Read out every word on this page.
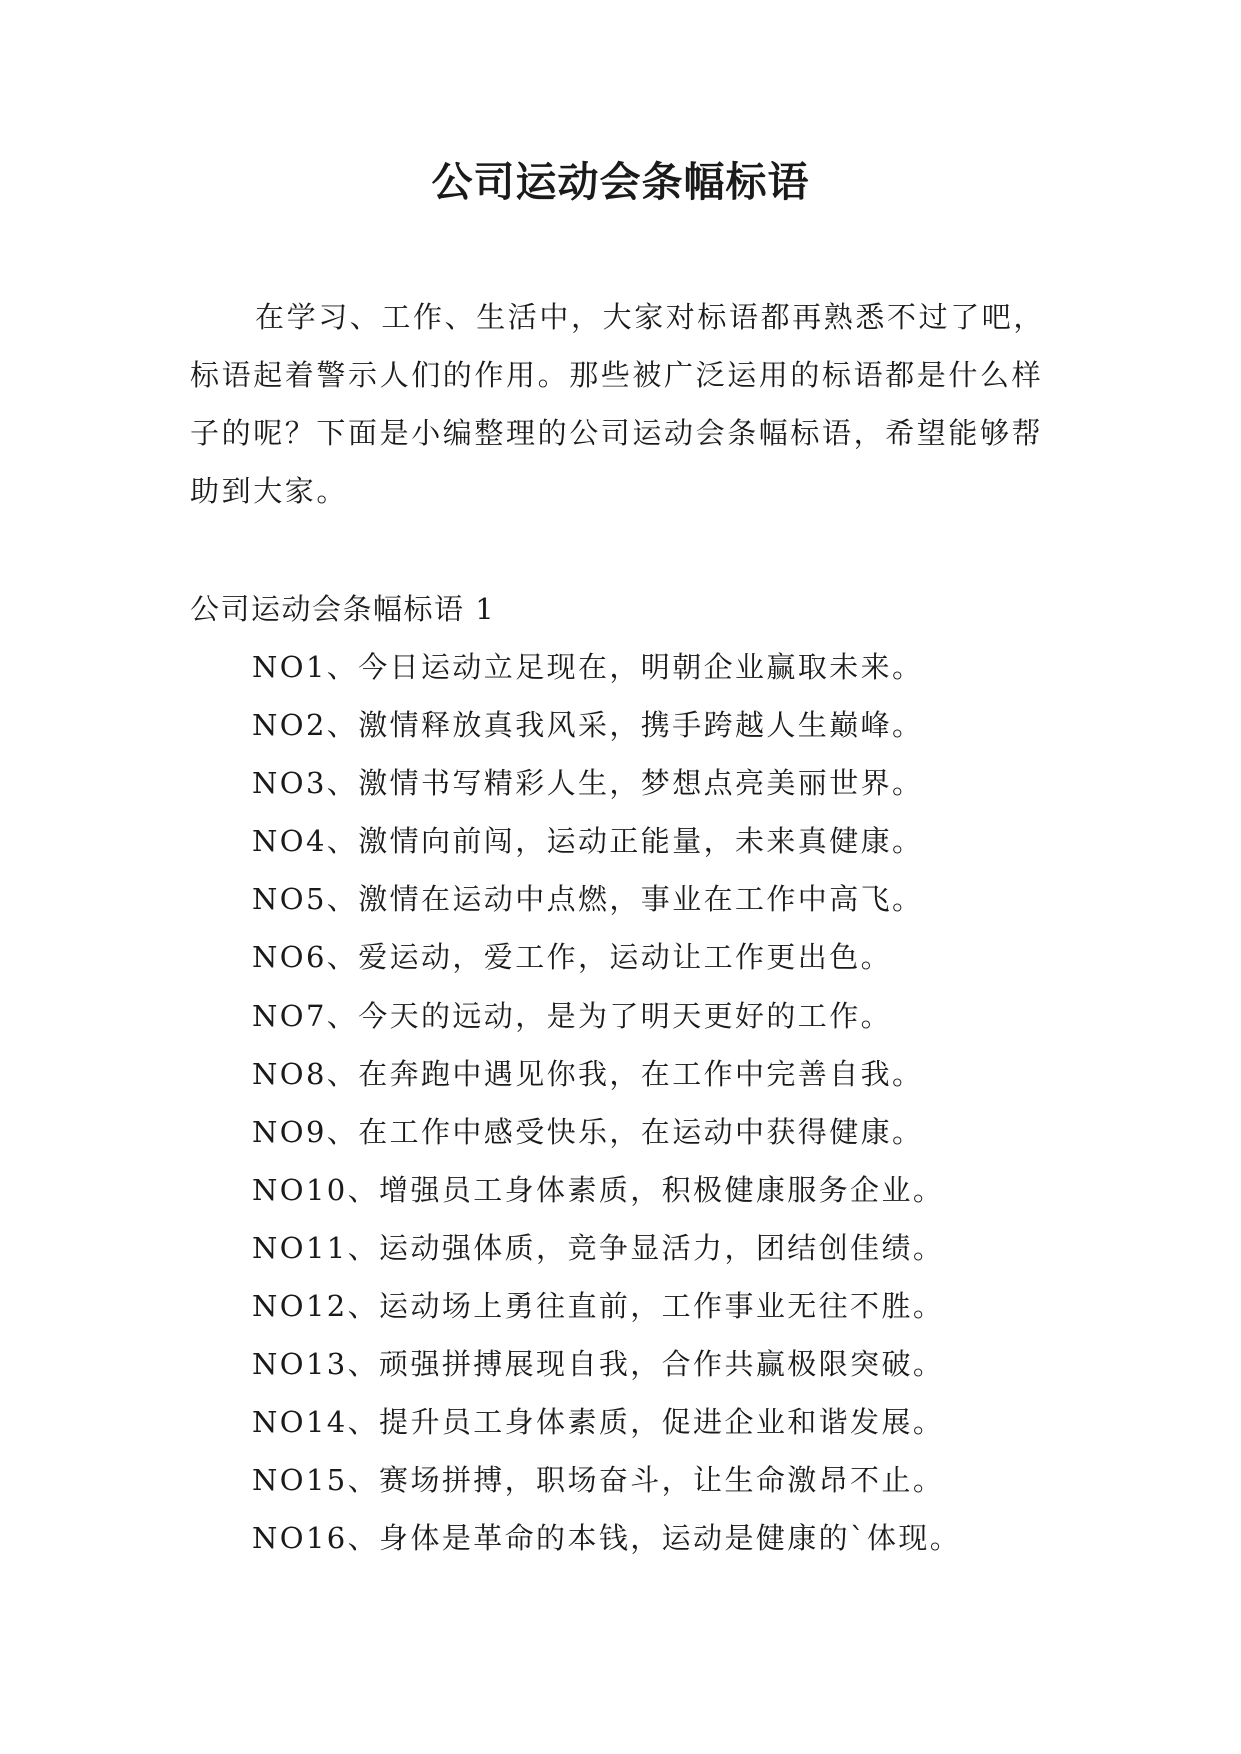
公司运动会条幅标语

在学习、工作、生活中，大家对标语都再熟悉不过了吧，标语起着警示人们的作用。那些被广泛运用的标语都是什么样子的呢？下面是小编整理的公司运动会条幅标语，希望能够帮助到大家。

公司运动会条幅标语 1

NO1、今日运动立足现在，明朝企业赢取未来。
NO2、激情释放真我风采，携手跨越人生巅峰。
NO3、激情书写精彩人生，梦想点亮美丽世界。
NO4、激情向前闯，运动正能量，未来真健康。
NO5、激情在运动中点燃，事业在工作中高飞。
NO6、爱运动，爱工作，运动让工作更出色。
NO7、今天的远动，是为了明天更好的工作。
NO8、在奔跑中遇见你我，在工作中完善自我。
NO9、在工作中感受快乐，在运动中获得健康。
NO10、增强员工身体素质，积极健康服务企业。
NO11、运动强体质，竞争显活力，团结创佳绩。
NO12、运动场上勇往直前，工作事业无往不胜。
NO13、顽强拼搏展现自我，合作共赢极限突破。
NO14、提升员工身体素质，促进企业和谐发展。
NO15、赛场拼搏，职场奋斗，让生命激昂不止。
NO16、身体是革命的本钱，运动是健康的`体现。
